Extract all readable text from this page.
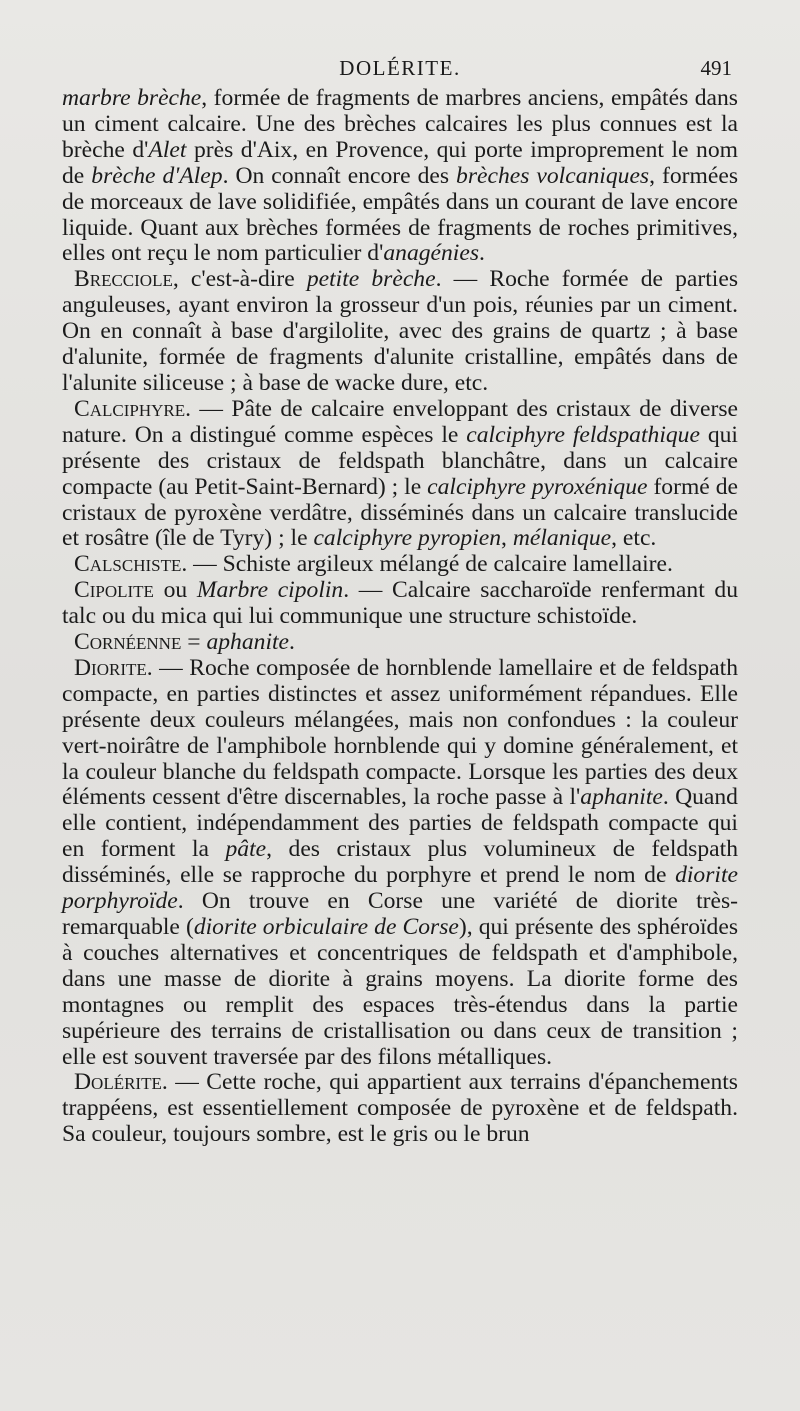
DOLÉRITE.	491

marbre brèche, formée de fragments de marbres anciens, empâtés dans un ciment calcaire. Une des brèches calcaires les plus connues est la brèche d'Alet près d'Aix, en Provence, qui porte improprement le nom de brèche d'Alep. On connaît encore des brèches volcaniques, formées de morceaux de lave solidifiée, empâtés dans un courant de lave encore liquide. Quant aux brèches formées de fragments de roches primitives, elles ont reçu le nom particulier d'anagénies.

Brecciole, c'est-à-dire petite brèche. — Roche formée de parties anguleuses, ayant environ la grosseur d'un pois, réunies par un ciment. On en connaît à base d'argilolite, avec des grains de quartz ; à base d'alunite, formée de fragments d'alunite cristalline, empâtés dans de l'alunite siliceuse ; à base de wacke dure, etc.

Calciphyre. — Pâte de calcaire enveloppant des cristaux de diverse nature. On a distingué comme espèces le calciphyre feldspathique qui présente des cristaux de feldspath blanchâtre, dans un calcaire compacte (au Petit-Saint-Bernard) ; le calciphyre pyroxénique formé de cristaux de pyroxène verdâtre, disséminés dans un calcaire translucide et rosâtre (île de Tyry) ; le calciphyre pyropien, mélanique, etc.

Calschiste. — Schiste argileux mélangé de calcaire lamellaire.

Cipolite ou Marbre cipolin. — Calcaire saccharoïde renfermant du talc ou du mica qui lui communique une structure schistoïde.

Cornéenne = aphanite.

Diorite. — Roche composée de hornblende lamellaire et de feldspath compacte, en parties distinctes et assez uniformément répandues. Elle présente deux couleurs mélangées, mais non confondues : la couleur vert-noirâtre de l'amphibole hornblende qui y domine généralement, et la couleur blanche du feldspath compacte. Lorsque les parties des deux éléments cessent d'être discernables, la roche passe à l'aphanite. Quand elle contient, indépendamment des parties de feldspath compacte qui en forment la pâte, des cristaux plus volumineux de feldspath disséminés, elle se rapproche du porphyre et prend le nom de diorite porphyroïde. On trouve en Corse une variété de diorite très-remarquable (diorite orbiculaire de Corse), qui présente des sphéroïdes à couches alternatives et concentriques de feldspath et d'amphibole, dans une masse de diorite à grains moyens. La diorite forme des montagnes ou remplit des espaces très-étendus dans la partie supérieure des terrains de cristallisation ou dans ceux de transition ; elle est souvent traversée par des filons métalliques.

Dolérite. — Cette roche, qui appartient aux terrains d'épanchements trappéens, est essentiellement composée de pyroxène et de feldspath. Sa couleur, toujours sombre, est le gris ou le brun
